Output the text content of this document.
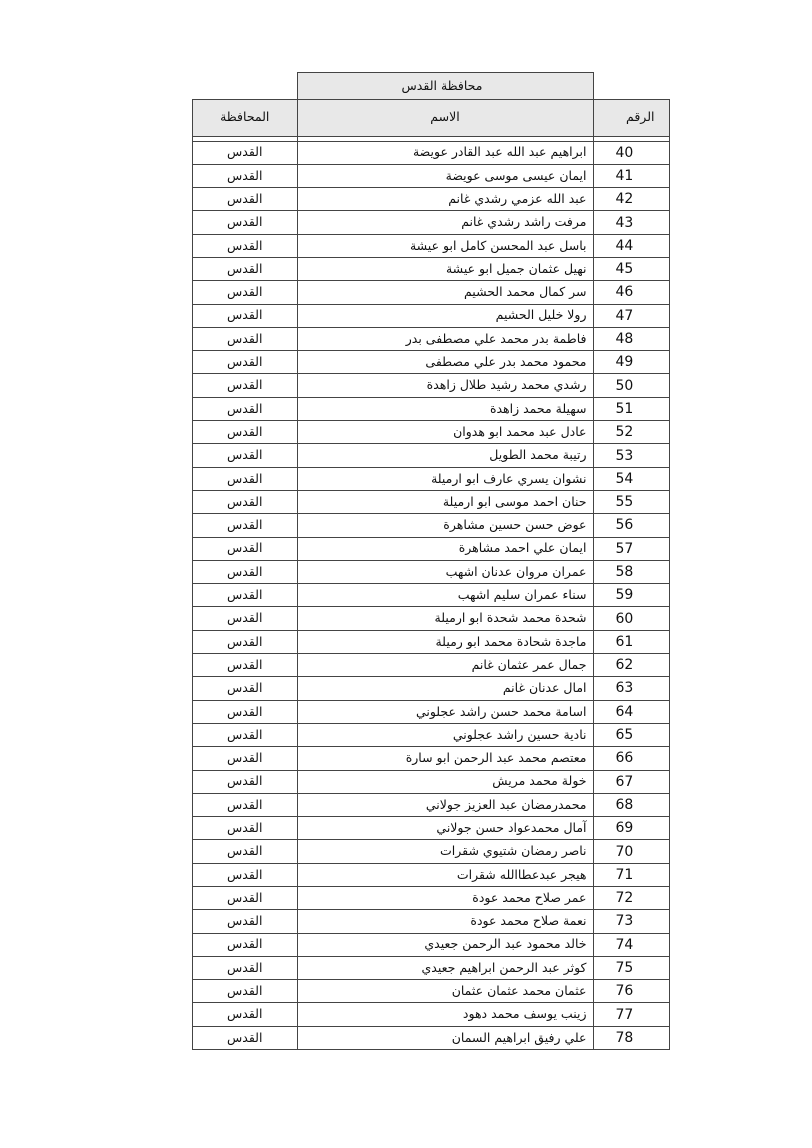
	محافظة القدس	
المحافظة	الاسم	الرقم

القدس	ابراهيم عبد الله عبد القادر عويضة	40
القدس	ايمان عيسى موسى عويضة	41
القدس	عبد الله عزمي رشدي غانم	42
القدس	مرفت راشد رشدي غانم	43
القدس	باسل عبد المحسن كامل ابو عيشة	44
القدس	نهيل عثمان جميل ابو عيشة	45
القدس	سر كمال محمد الحشيم	46
القدس	رولا خليل الحشيم	47
القدس	فاطمة بدر محمد علي مصطفى بدر	48
القدس	محمود محمد بدر علي مصطفى	49
القدس	رشدي محمد رشيد طلال زاهدة	50
القدس	سهيلة محمد زاهدة	51
القدس	عادل عبد محمد ابو هدوان	52
القدس	رتيبة محمد الطويل	53
القدس	نشوان يسري عارف ابو ارميلة	54
القدس	حنان احمد موسى ابو ارميلة	55
القدس	عوض حسن حسين مشاهرة	56
القدس	ايمان علي احمد مشاهرة	57
القدس	عمران مروان عدنان اشهب	58
القدس	سناء عمران سليم اشهب	59
القدس	شحدة محمد شحدة ابو ارميلة	60
القدس	ماجدة شحادة محمد ابو رميلة	61
القدس	جمال عمر عثمان غانم	62
القدس	امال عدنان غانم	63
القدس	اسامة محمد حسن راشد عجلوني	64
القدس	نادية حسين راشد عجلوني	65
القدس	معتصم محمد عبد الرحمن ابو سارة	66
القدس	خولة محمد مريش	67
القدس	محمدرمضان عبد العزيز جولاني	68
القدس	آمال محمدعواد حسن جولاني	69
القدس	ناصر رمضان شتيوي شقرات	70
القدس	هيجر عبدعطاالله شقرات	71
القدس	عمر صلاح محمد عودة	72
القدس	نعمة صلاح محمد عودة	73
القدس	خالد محمود عبد الرحمن جعيدي	74
القدس	كوثر عبد الرحمن ابراهيم جعيدي	75
القدس	عثمان محمد عثمان عثمان	76
القدس	زينب يوسف محمد دهود	77
القدس	علي رفيق ابراهيم السمان	78
